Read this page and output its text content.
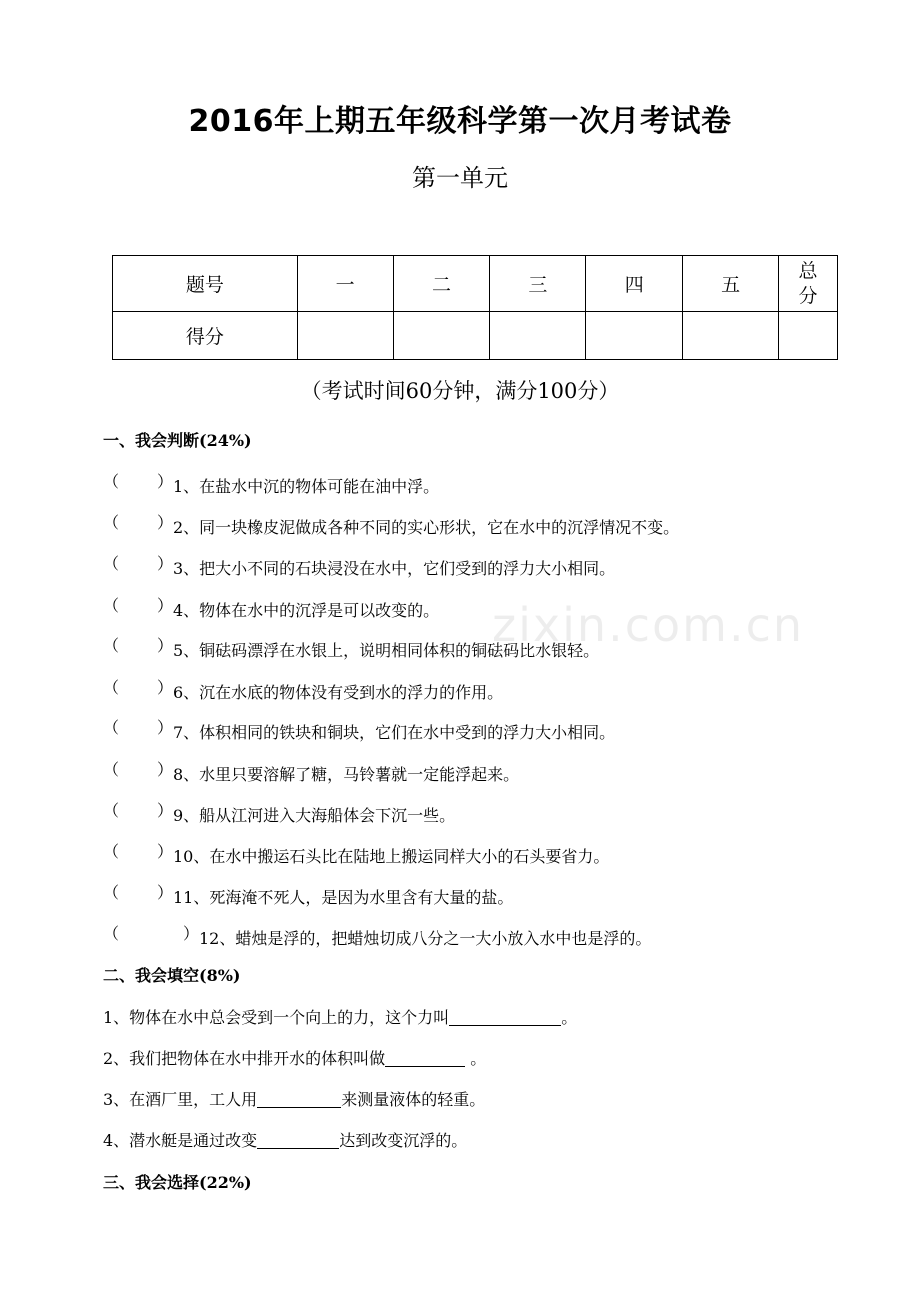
2016年上期五年级科学第一次月考试卷
第一单元
题号	一	二	三	四	五	总
分

得分						
（考试时间60分钟，满分100分）
一、我会判断(24%)
（ ） 1、在盐水中沉的物体可能在油中浮。
（ ） 2、同一块橡皮泥做成各种不同的实心形状，它在水中的沉浮情况不变。
（ ） 3、把大小不同的石块浸没在水中，它们受到的浮力大小相同。
（ ） 4、物体在水中的沉浮是可以改变的。
（ ） 5、铜砝码漂浮在水银上，说明相同体积的铜砝码比水银轻。
（ ） 6、沉在水底的物体没有受到水的浮力的作用。
（ ） 7、体积相同的铁块和铜块，它们在水中受到的浮力大小相同。
（ ） 8、水里只要溶解了糖，马铃薯就一定能浮起来。
（ ） 9、船从江河进入大海船体会下沉一些。
（ ） 10、在水中搬运石头比在陆地上搬运同样大小的石头要省力。
（ ） 11、死海淹不死人，是因为水里含有大量的盐。
（	） 12、蜡烛是浮的，把蜡烛切成八分之一大小放入水中也是浮的。
二、我会填空(8%)
1、物体在水中总会受到一个向上的力，这个力叫	。
2、我们把物体在水中排开水的体积叫做	。
3、在酒厂里，工人用	来测量液体的轻重。
4、潜水艇是通过改变	达到改变沉浮的。
三、我会选择(22%)
zixin.com.cn
